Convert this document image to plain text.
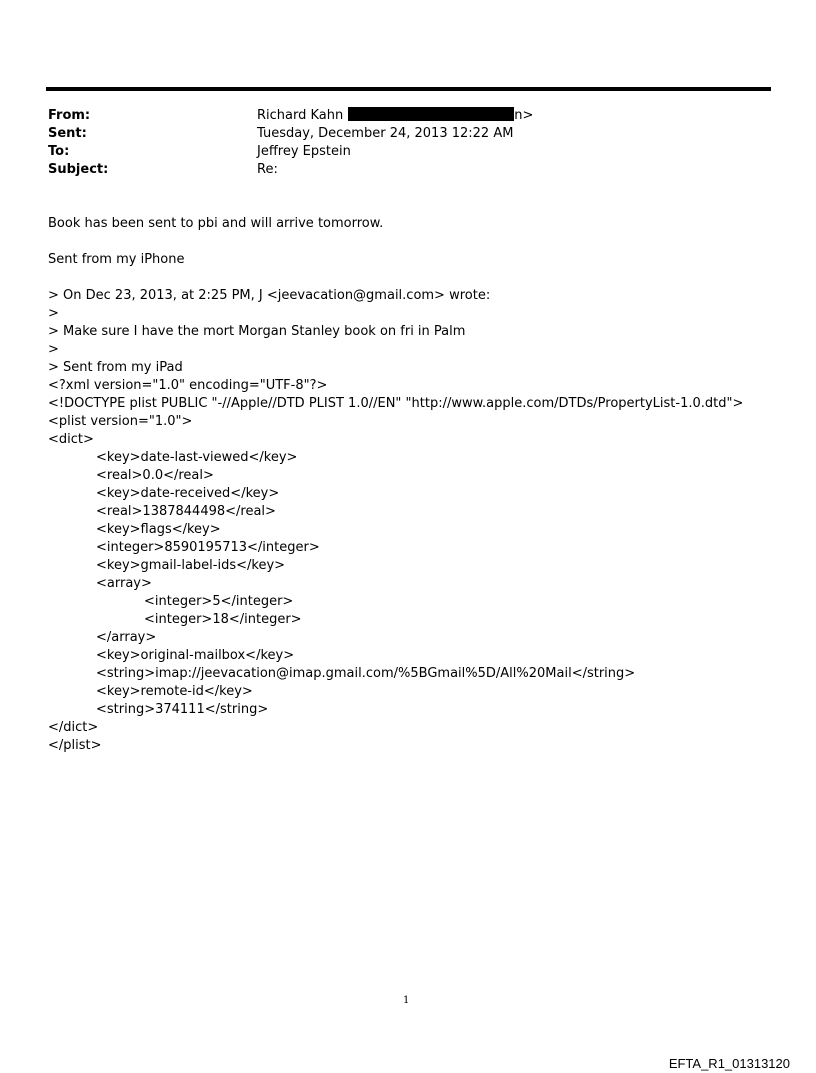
From:	Richard Kahn	n>
Sent:	Tuesday, December 24, 2013 12:22 AM
To:	Jeffrey Epstein
Subject:	Re:
Book has been sent to pbi and will arrive tomorrow.
Sent from my iPhone
> On Dec 23, 2013, at 2:25 PM, J <jeevacation@gmail.com> wrote:
>
> Make sure I have the mort Morgan Stanley book on fri in Palm
>
> Sent from my iPad
<?xml version="1.0" encoding="UTF-8"?>
<!DOCTYPE plist PUBLIC "-//Apple//DTD PLIST 1.0//EN" "http://www.apple.com/DTDs/PropertyList-1.0.dtd">
<plist version="1.0">
<dict>
<key>date-last-viewed</key>
<real>0.0</real>
<key>date-received</key>
<real>1387844498</real>
<key>flags</key>
<integer>8590195713</integer>
<key>gmail-label-ids</key>
<array>
<integer>5</integer>
<integer>18</integer>
</array>
<key>original-mailbox</key>
<string>imap://jeevacation@imap.gmail.com/%5BGmail%5D/All%20Mail</string>
<key>remote-id</key>
<string>374111</string>
</dict>
</plist>
1
EFTA_R1_01313120
